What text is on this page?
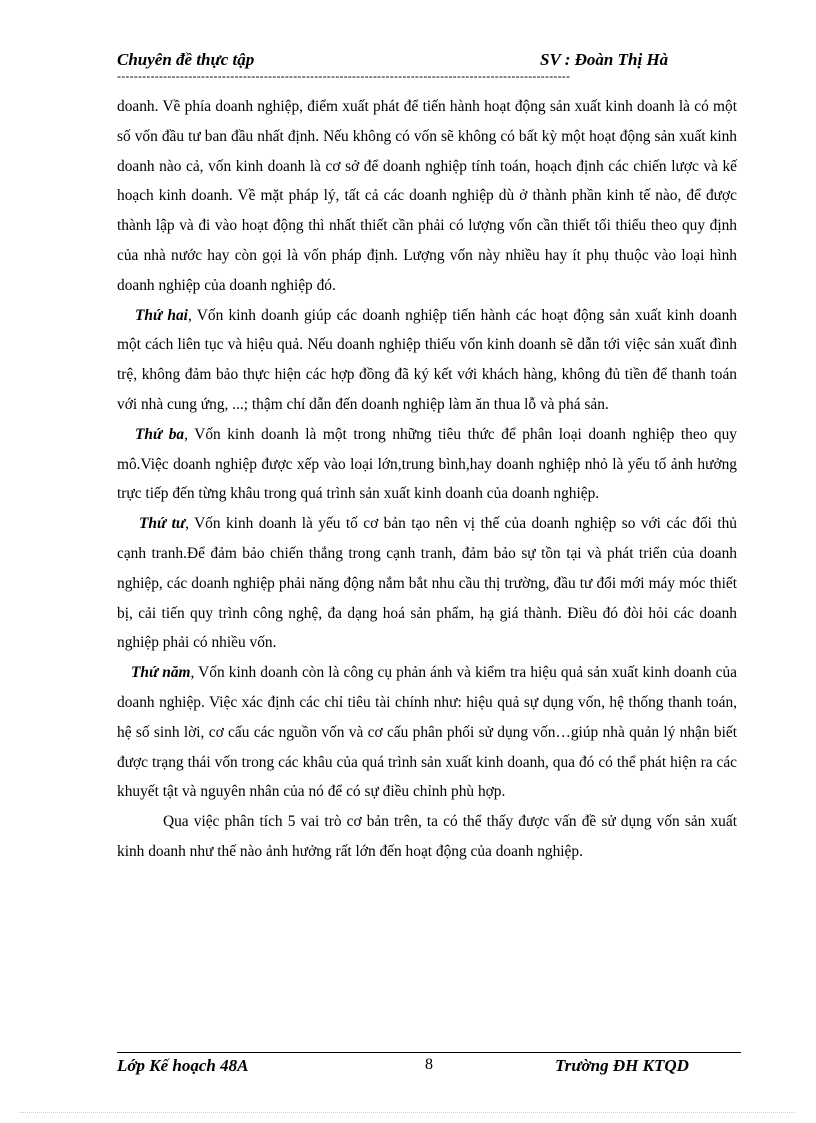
Chuyên đề thực tập	SV : Đoàn Thị Hà
------------------------------------------------------------------------------------------------------------

doanh. Về phía doanh nghiệp, điểm xuất phát để tiến hành hoạt động sản xuất kinh doanh là có một số vốn đầu tư ban đầu nhất định. Nếu không có vốn sẽ không có bất kỳ một hoạt động sản xuất kinh doanh nào cả, vốn kinh doanh là cơ sở để doanh nghiệp tính toán, hoạch định các chiến lược và kế hoạch kinh doanh. Về mặt pháp lý, tất cả các doanh nghiệp dù ở thành phần kinh tế nào, để được thành lập và đi vào hoạt động thì nhất thiết cần phải có lượng vốn cần thiết tối thiểu theo quy định của nhà nước hay còn gọi là vốn pháp định. Lượng vốn này nhiều hay ít phụ thuộc vào loại hình doanh nghiệp của doanh nghiệp đó.

Thứ hai, Vốn kinh doanh giúp các doanh nghiệp tiến hành các hoạt động sản xuất kinh doanh một cách liên tục và hiệu quả. Nếu doanh nghiệp thiếu vốn kinh doanh sẽ dẫn tới việc sản xuất đình trệ, không đảm bảo thực hiện các hợp đồng đã ký kết với khách hàng, không đủ tiền để thanh toán với nhà cung ứng, ...; thậm chí dẫn đến doanh nghiệp làm ăn thua lỗ và phá sản.

Thứ ba, Vốn kinh doanh là một trong những tiêu thức để phân loại doanh nghiệp theo quy mô.Việc doanh nghiệp được xếp vào loại lớn,trung bình,hay doanh nghiệp nhỏ là yếu tố ảnh hưởng trực tiếp đến từng khâu trong quá trình sản xuất kinh doanh của doanh nghiệp.

Thứ tư, Vốn kinh doanh là yếu tố cơ bản tạo nên vị thế của doanh nghiệp so với các đối thủ cạnh tranh.Để đảm bảo chiến thắng trong cạnh tranh, đảm bảo sự tồn tại và phát triển của doanh nghiệp, các doanh nghiệp phải năng động nắm bắt nhu cầu thị trường, đầu tư đổi mới máy móc thiết bị, cải tiến quy trình công nghệ, đa dạng hoá sản phẩm, hạ giá thành. Điều đó đòi hỏi các doanh nghiệp phải có nhiều vốn.

Thứ năm, Vốn kinh doanh còn là công cụ phản ánh và kiểm tra hiệu quả sản xuất kinh doanh của doanh nghiệp. Việc xác định các chỉ tiêu tài chính như: hiệu quả sự dụng vốn, hệ thống thanh toán, hệ số sinh lời, cơ cấu các nguồn vốn và cơ cấu phân phối sử dụng vốn…giúp nhà quản lý nhận biết được trạng thái vốn trong các khâu của quá trình sản xuất kinh doanh, qua đó có thể phát hiện ra các khuyết tật và nguyên nhân của nó để có sự điều chỉnh phù hợp.

Qua việc phân tích 5 vai trò cơ bản trên, ta có thể thấy được vấn đề sử dụng vốn sản xuất kinh doanh như thế nào ảnh hưởng rất lớn đến hoạt động của doanh nghiệp.

Lớp Kế hoạch 48A	8	Trường ĐH KTQD
